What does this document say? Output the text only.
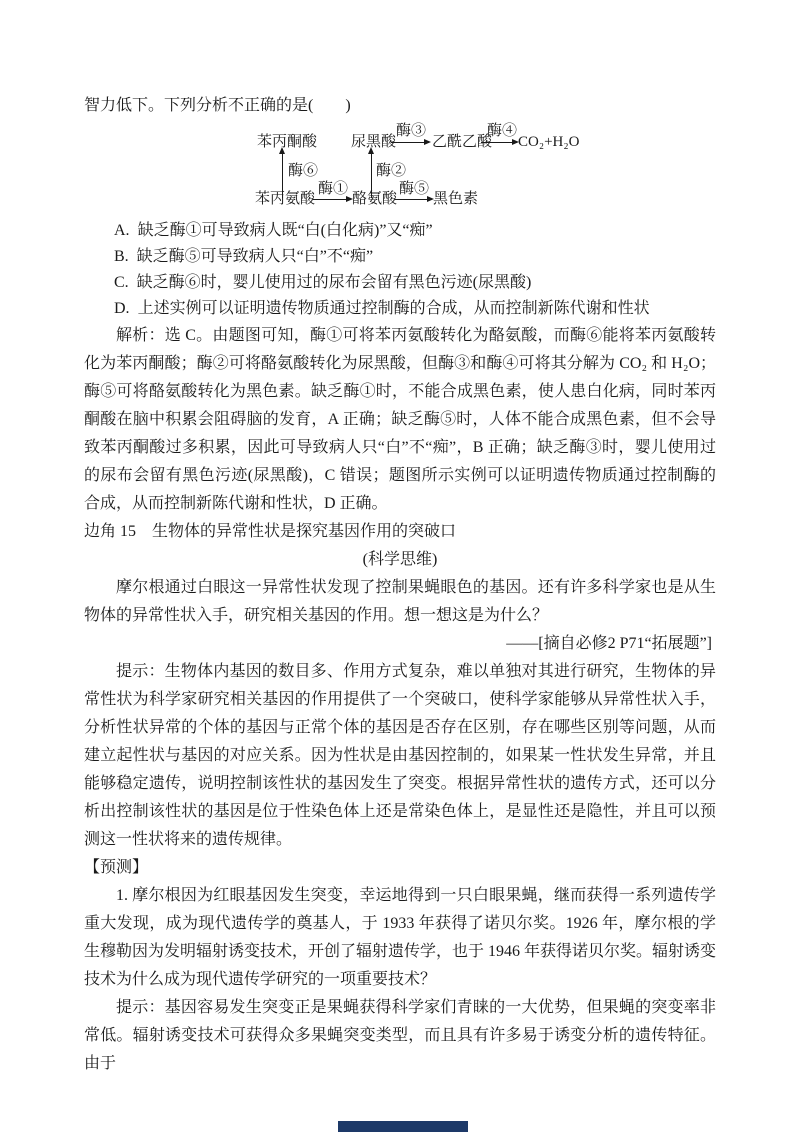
智力低下。下列分析不正确的是(　　)

苯丙酮酸 尿黑酸
酶③
乙酰乙酸
酶④
CO₂+H₂O
酶⑥	酶②
苯丙氨酸
酶①
酪氨酸
酶⑤
黑色素

A. 缺乏酶①可导致病人既“白(白化病)”又“痴”

B. 缺乏酶⑤可导致病人只“白”不“痴”

C. 缺乏酶⑥时，婴儿使用过的尿布会留有黑色污迹(尿黑酸)

D. 上述实例可以证明遗传物质通过控制酶的合成，从而控制新陈代谢和性状

解析：选 C。由题图可知，酶①可将苯丙氨酸转化为酪氨酸，而酶⑥能将苯丙氨酸转化为苯丙酮酸；酶②可将酪氨酸转化为尿黑酸，但酶③和酶④可将其分解为 CO₂ 和 H₂O；酶⑤可将酪氨酸转化为黑色素。缺乏酶①时，不能合成黑色素，使人患白化病，同时苯丙酮酸在脑中积累会阻碍脑的发育，A 正确；缺乏酶⑤时，人体不能合成黑色素，但不会导致苯丙酮酸过多积累，因此可导致病人只“白”不“痴”，B 正确；缺乏酶③时，婴儿使用过的尿布会留有黑色污迹(尿黑酸)，C 错误；题图所示实例可以证明遗传物质通过控制酶的合成，从而控制新陈代谢和性状，D 正确。

边角 15 生物体的异常性状是探究基因作用的突破口

(科学思维)

摩尔根通过白眼这一异常性状发现了控制果蝇眼色的基因。还有许多科学家也是从生物体的异常性状入手，研究相关基因的作用。想一想这是为什么？

——[摘自必修2 P71“拓展题”]

提示：生物体内基因的数目多、作用方式复杂，难以单独对其进行研究，生物体的异常性状为科学家研究相关基因的作用提供了一个突破口，使科学家能够从异常性状入手，分析性状异常的个体的基因与正常个体的基因是否存在区别，存在哪些区别等问题，从而建立起性状与基因的对应关系。因为性状是由基因控制的，如果某一性状发生异常，并且能够稳定遗传，说明控制该性状的基因发生了突变。根据异常性状的遗传方式，还可以分析出控制该性状的基因是位于性染色体上还是常染色体上，是显性还是隐性，并且可以预测这一性状将来的遗传规律。

【预测】

1. 摩尔根因为红眼基因发生突变，幸运地得到一只白眼果蝇，继而获得一系列遗传学重大发现，成为现代遗传学的奠基人，于 1933 年获得了诺贝尔奖。1926 年，摩尔根的学生穆勒因为发明辐射诱变技术，开创了辐射遗传学，也于 1946 年获得诺贝尔奖。辐射诱变技术为什么成为现代遗传学研究的一项重要技术？

提示：基因容易发生突变正是果蝇获得科学家们青睐的一大优势，但果蝇的突变率非常低。辐射诱变技术可获得众多果蝇突变类型，而且具有许多易于诱变分析的遗传特征。由于
